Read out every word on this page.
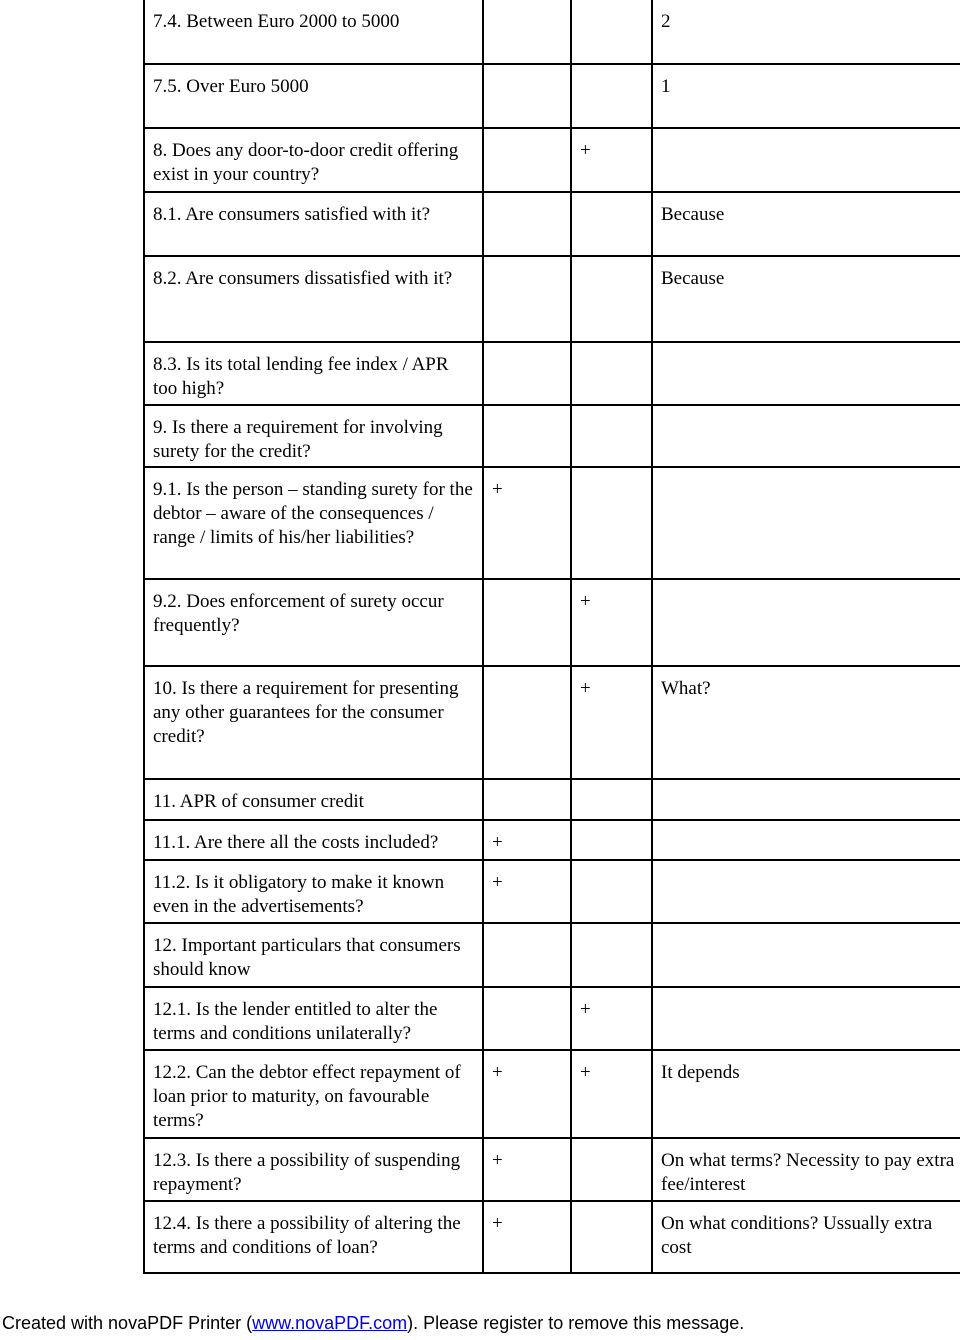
7.4. Between Euro 2000 to 5000			2

7.5. Over Euro 5000			1

8. Does any door-to-door credit offering exist in your country?		+	

8.1. Are consumers satisfied with it?			Because

8.2. Are consumers dissatisfied with it?			Because

8.3. Is its total lending fee index / APR too high?			

9. Is there a requirement for involving surety for the credit?			

9.1. Is the person – standing surety for the debtor – aware of the consequences / range / limits of his/her liabilities?	+		

9.2. Does enforcement of surety occur frequently?		+	

10. Is there a requirement for presenting any other guarantees for the consumer credit?		+	What?

11. APR of consumer credit			

11.1. Are there all the costs included?	+		

11.2. Is it obligatory to make it known even in the advertisements?	+		

12. Important particulars that consumers should know			

12.1. Is the lender entitled to alter the terms and conditions unilaterally?		+	

12.2. Can the debtor effect repayment of loan prior to maturity, on favourable terms?	+	+	It depends

12.3. Is there a possibility of suspending repayment?	+		On what terms? Necessity to pay extra fee/interest

12.4. Is there a possibility of altering the terms and conditions of loan?	+		On what conditions? Ussually extra cost
Created with novaPDF Printer (www.novaPDF.com). Please register to remove this message.
